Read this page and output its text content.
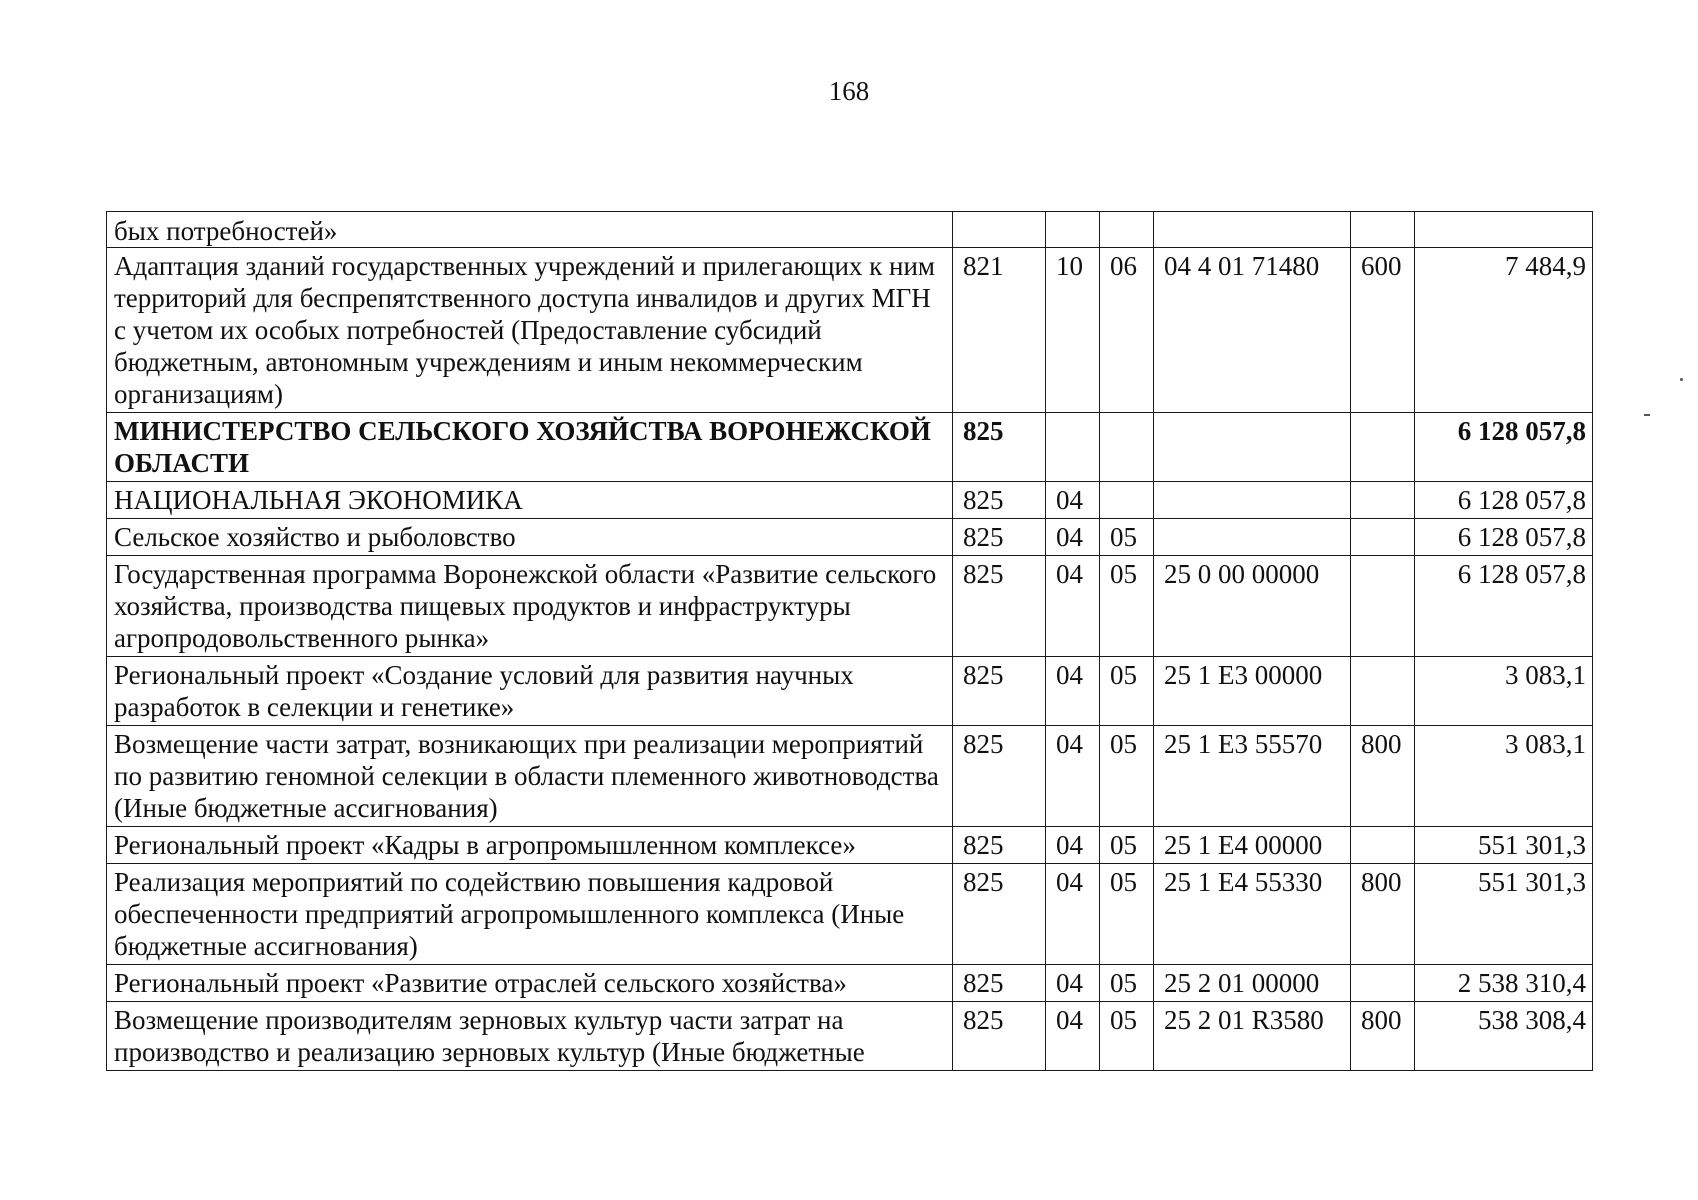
168
бых потребностей»						
Адаптация зданий государственных учреждений и прилегающих к ним территорий для беспрепятственного доступа инвалидов и других МГН с учетом их особых потребностей (Предоставление субсидий бюджетным, автономным учреждениям и иным некоммерческим организациям)	821	10	06	04 4 01 71480	600	7 484,9
МИНИСТЕРСТВО СЕЛЬСКОГО ХОЗЯЙСТВА ВОРОНЕЖСКОЙ ОБЛАСТИ	825					6 128 057,8
НАЦИОНАЛЬНАЯ ЭКОНОМИКА	825	04				6 128 057,8
Сельское хозяйство и рыболовство	825	04	05			6 128 057,8
Государственная программа Воронежской области «Развитие сельского хозяйства, производства пищевых продуктов и инфраструктуры агропродовольственного рынка»	825	04	05	25 0 00 00000		6 128 057,8
Региональный проект «Создание условий для развития научных разработок в селекции и генетике»	825	04	05	25 1 E3 00000		3 083,1
Возмещение части затрат, возникающих при реализации мероприятий по развитию геномной селекции в области племенного животноводства (Иные бюджетные ассигнования)	825	04	05	25 1 E3 55570	800	3 083,1
Региональный проект «Кадры в агропромышленном комплексе»	825	04	05	25 1 E4 00000		551 301,3
Реализация мероприятий по содействию повышения кадровой обеспеченности предприятий агропромышленного комплекса (Иные бюджетные ассигнования)	825	04	05	25 1 E4 55330	800	551 301,3
Региональный проект «Развитие отраслей сельского хозяйства»	825	04	05	25 2 01 00000		2 538 310,4
Возмещение производителям зерновых культур части затрат на производство и реализацию зерновых культур (Иные бюджетные	825	04	05	25 2 01 R3580	800	538 308,4
